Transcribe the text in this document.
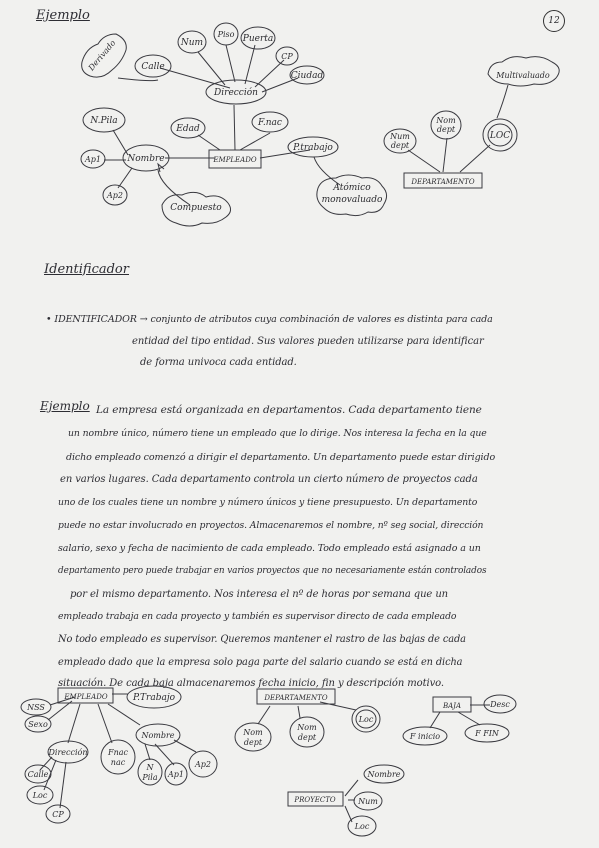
12
Ejemplo
Num
Piso Puerta
CP
Ciudad
Calle
Dirección
Edad
F.nac
P.trabajo
N.Pila
Nombre
Ap1
Ap2
EMPLEADO
DEPARTAMENTO
Num
dept
Nom
dept
LOC
Derivado
Compuesto
Atómico
monovaluado
Multivaluado
EMPLEADO	P.Trabajo
NSS
Sexo
Dirección
Calle
Loc
CP
Fnac
nac
Nombre
N
Pila Ap1
Ap2
DEPARTAMENTO
Nom
dept
Nom
dept
Loc
BAJA	Desc
F inicio	F FIN
PROYECTO
Nombre
Num
Loc
Identificador
• IDENTIFICADOR → conjunto de atributos cuya combinación de valores es distinta para cada
entidad del tipo entidad. Sus valores pueden utilizarse para identificar
de forma univoca cada entidad.
Ejemplo La empresa está organizada en departamentos. Cada departamento tiene
un nombre único, número tiene un empleado que lo dirige. Nos interesa la fecha en la que
dicho empleado comenzó a dirigir el departamento. Un departamento puede estar dirigido
en varios lugares. Cada departamento controla un cierto número de proyectos cada
uno de los cuales tiene un nombre y número únicos y tiene presupuesto. Un departamento
puede no estar involucrado en proyectos. Almacenaremos el nombre, nº seg social, dirección
salario, sexo y fecha de nacimiento de cada empleado. Todo empleado está asignado a un
departamento pero puede trabajar en varios proyectos que no necesariamente están controlados
por el mismo departamento. Nos interesa el nº de horas por semana que un
empleado trabaja en cada proyecto y también es supervisor directo de cada empleado
No todo empleado es supervisor. Queremos mantener el rastro de las bajas de cada
empleado dado que la empresa solo paga parte del salario cuando se está en dicha
situación. De cada baja almacenaremos fecha inicio, fin y descripción motivo.
